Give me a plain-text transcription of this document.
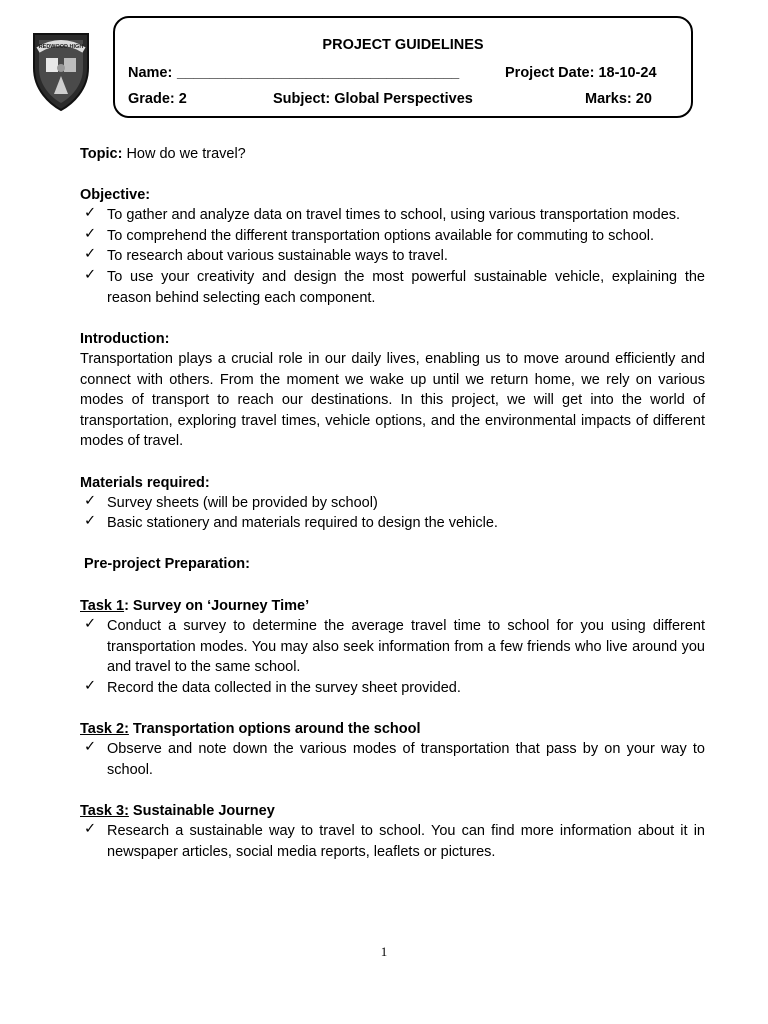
REDWOOD HIGH	PROJECT GUIDELINES
Name: ___________________________________	Project Date: 18-10-24
Grade: 2	Subject: Global Perspectives	Marks: 20
Topic: How do we travel?
Objective:
✓ To gather and analyze data on travel times to school, using various transportation modes.
✓ To comprehend the different transportation options available for commuting to school.
✓ To research about various sustainable ways to travel.
✓ To use your creativity and design the most powerful sustainable vehicle, explaining the reason behind selecting each component.
Introduction:
Transportation plays a crucial role in our daily lives, enabling us to move around efficiently and connect with others. From the moment we wake up until we return home, we rely on various modes of transport to reach our destinations. In this project, we will get into the world of transportation, exploring travel times, vehicle options, and the environmental impacts of different modes of travel.
Materials required:
✓ Survey sheets (will be provided by school)
✓ Basic stationery and materials required to design the vehicle.
Pre-project Preparation:
Task 1: Survey on ‘Journey Time’
✓ Conduct a survey to determine the average travel time to school for you using different transportation modes. You may also seek information from a few friends who live around you and travel to the same school.
✓ Record the data collected in the survey sheet provided.
Task 2: Transportation options around the school
✓ Observe and note down the various modes of transportation that pass by on your way to school.
Task 3: Sustainable Journey
✓ Research a sustainable way to travel to school. You can find more information about it in newspaper articles, social media reports, leaflets or pictures.
1
